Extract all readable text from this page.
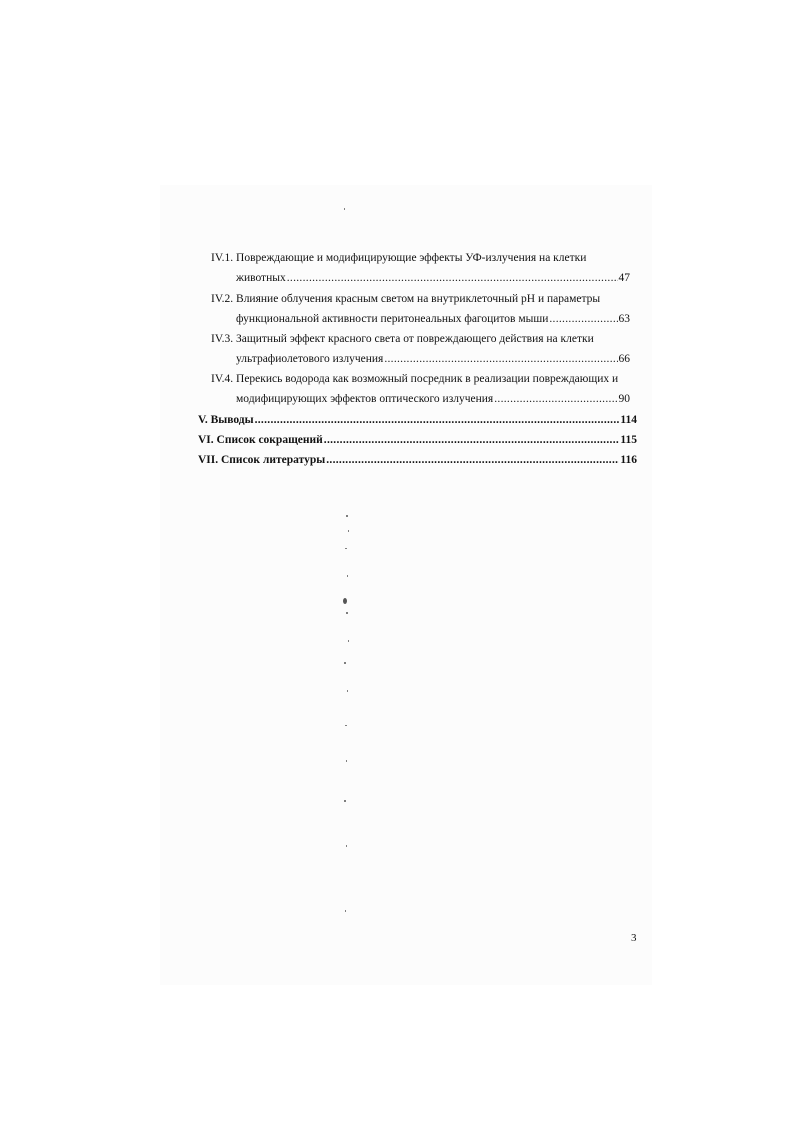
IV.1. Повреждающие и модифицирующие эффекты УФ-излучения на клетки
животных .....	47
IV.2. Влияние облучения красным светом на внутриклеточный pH и параметры
функциональной активности перитонеальных фагоцитов мыши .....	63
IV.3. Защитный эффект красного света от повреждающего действия на клетки
ультрафиолетового излучения .....	66
IV.4. Перекись водорода как возможный посредник в реализации повреждающих и
модифицирующих эффектов оптического излучения .....	90
V. Выводы .....	114
VI. Список сокращений .....	115
VII. Список литературы .....	116
3
